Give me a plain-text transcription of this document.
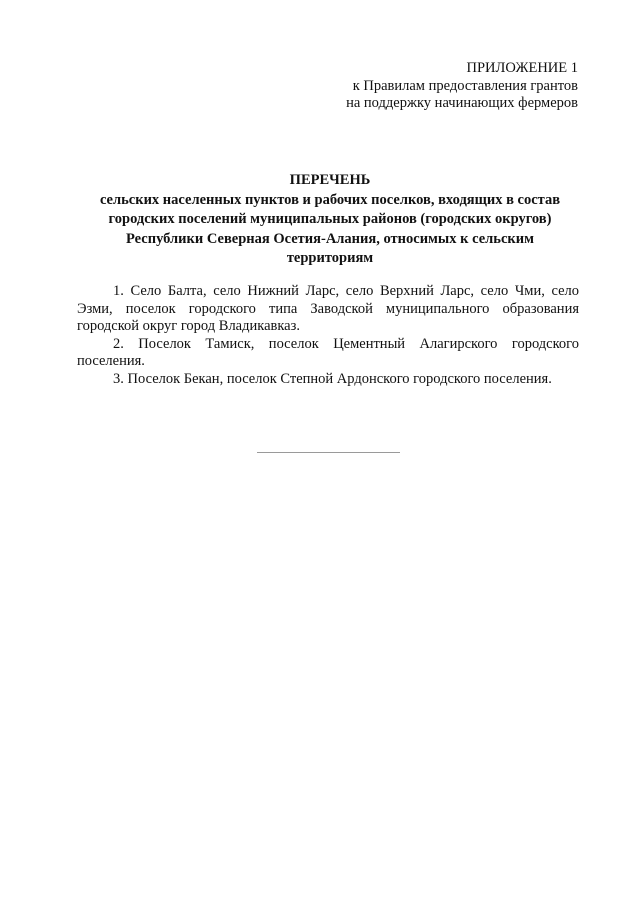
ПРИЛОЖЕНИЕ 1
к Правилам предоставления грантов
на поддержку начинающих фермеров
ПЕРЕЧЕНЬ
сельских населенных пунктов и рабочих поселков, входящих в состав
городских поселений муниципальных районов (городских округов)
Республики Северная Осетия-Алания, относимых к сельским
территориям

1. Село Балта, село Нижний Ларс, село Верхний Ларс, село Чми, село Эзми, поселок городского типа Заводской муниципального образования городской округ город Владикавказ.

2. Поселок Тамиск, поселок Цементный Алагирского городского поселения.

3. Поселок Бекан, поселок Степной Ардонского городского поселения.
